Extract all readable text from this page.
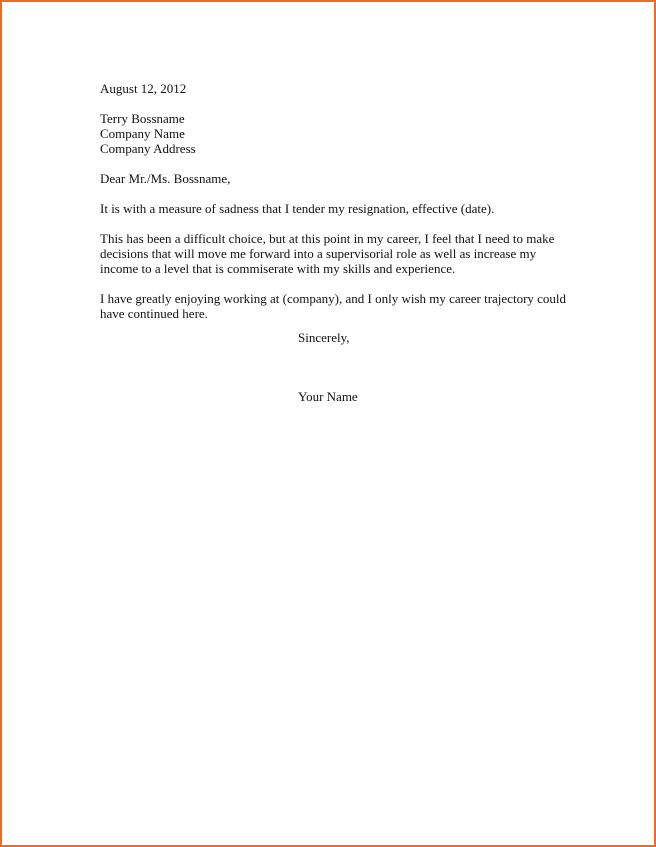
August 12, 2012
Terry Bossname
Company Name
Company Address
Dear Mr./Ms. Bossname,
It is with a measure of sadness that I tender my resignation, effective (date).
This has been a difficult choice, but at this point in my career, I feel that I need to make decisions that will move me forward into a supervisorial role as well as increase my income to a level that is commiserate with my skills and experience.
I have greatly enjoying working at (company), and I only wish my career trajectory could have continued here.
Sincerely,
Your Name
